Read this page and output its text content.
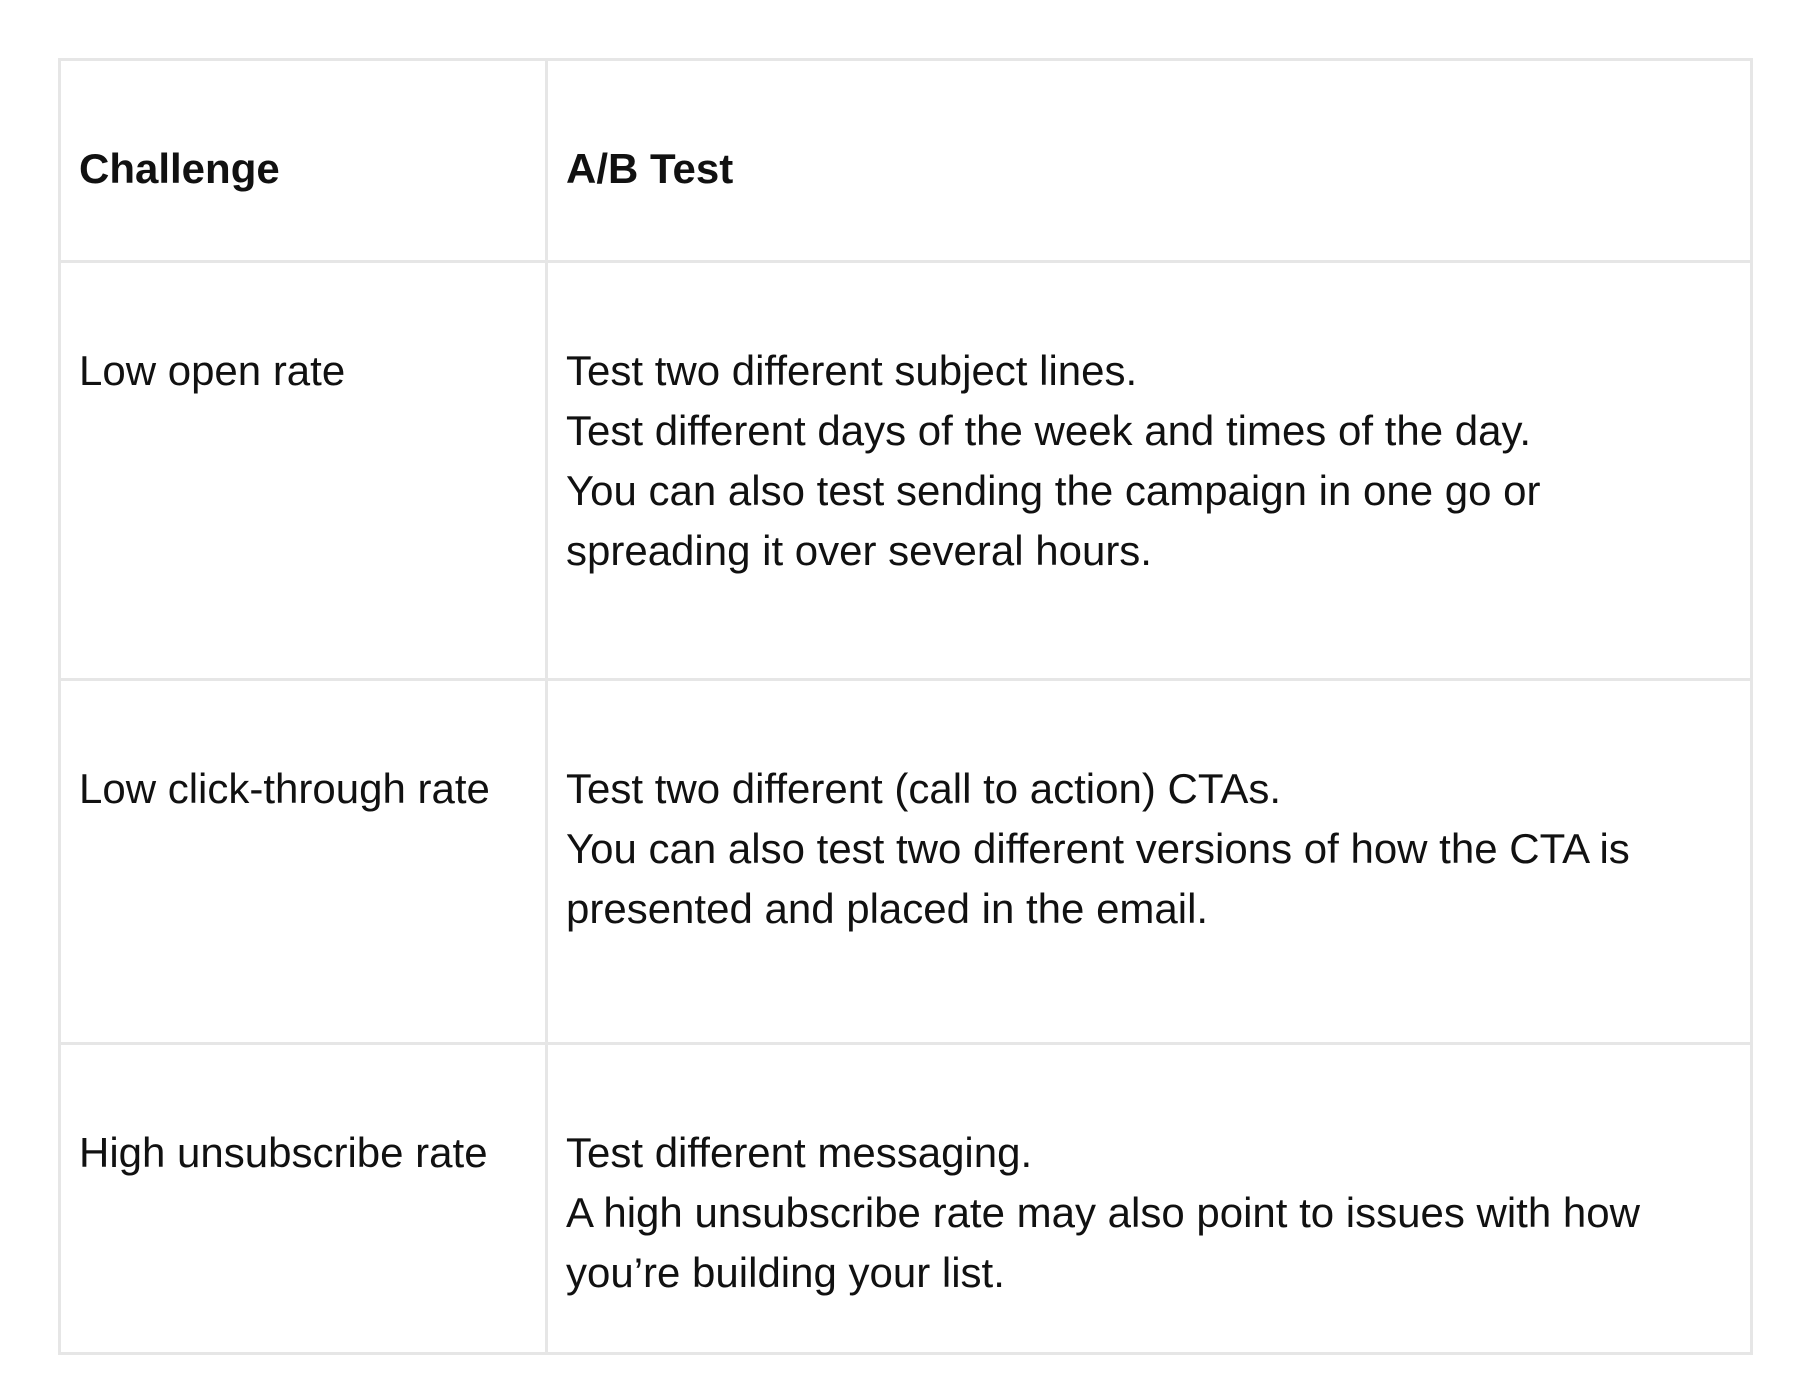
Challenge	A/B Test
Low open rate	Test two different subject lines.
Test different days of the week and times of the day.
You can also test sending the campaign in one go or spreading it over several hours.

Low click-through rate	Test two different (call to action) CTAs.
You can also test two different versions of how the CTA is presented and placed in the email.

High unsubscribe rate	Test different messaging.
A high unsubscribe rate may also point to issues with how you’re building your list.
